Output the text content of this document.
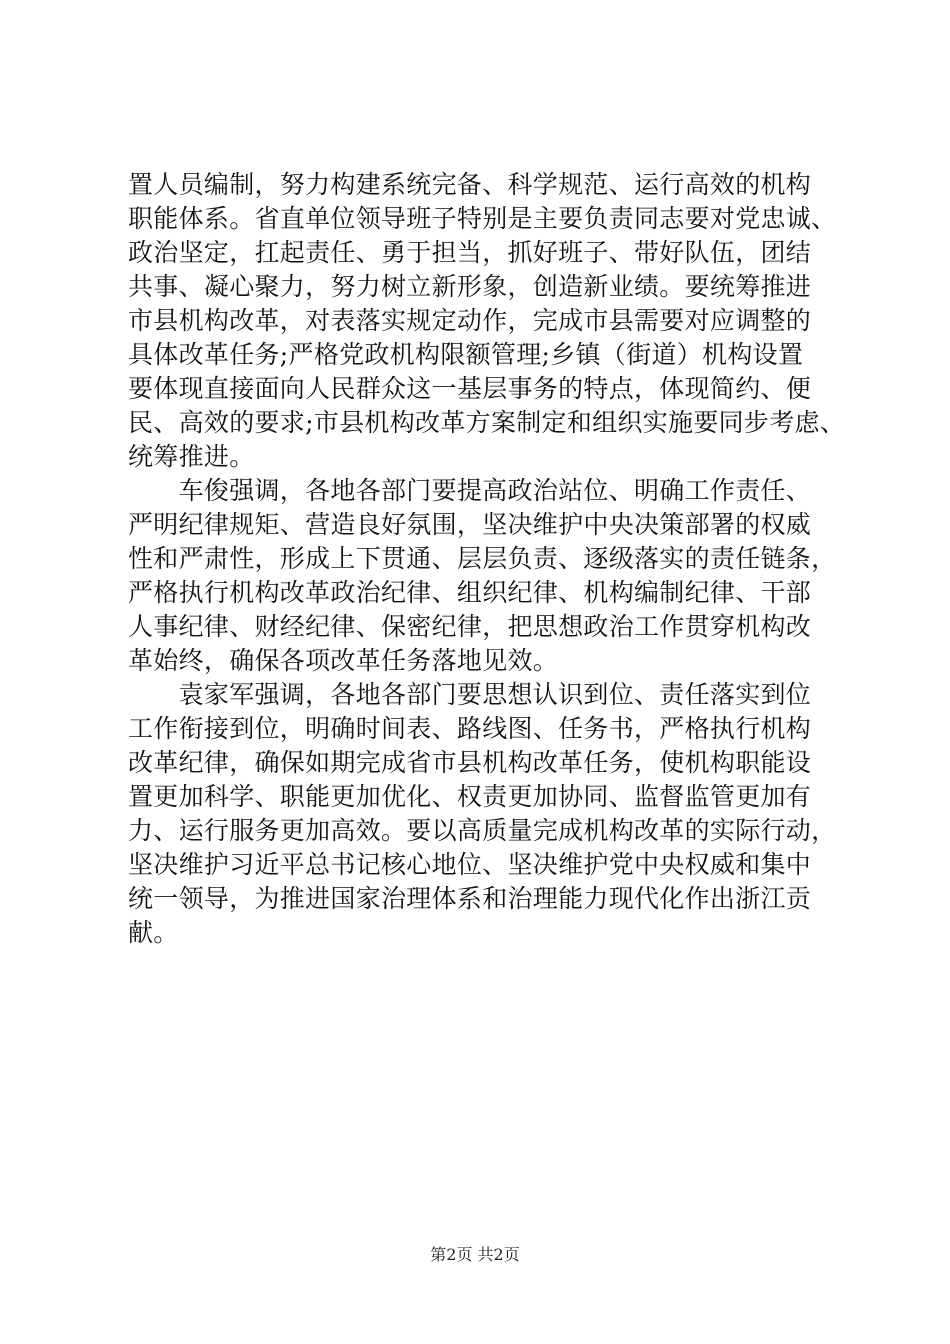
置人员编制，努力构建系统完备、科学规范、运行高效的机构
职能体系。省直单位领导班子特别是主要负责同志要对党忠诚、
政治坚定，扛起责任、勇于担当，抓好班子、带好队伍，团结
共事、凝心聚力，努力树立新形象，创造新业绩。要统筹推进
市县机构改革，对表落实规定动作，完成市县需要对应调整的
具体改革任务;严格党政机构限额管理;乡镇（街道）机构设置
要体现直接面向人民群众这一基层事务的特点，体现简约、便
民、高效的要求;市县机构改革方案制定和组织实施要同步考虑、
统筹推进。
　　车俊强调，各地各部门要提高政治站位、明确工作责任、
严明纪律规矩、营造良好氛围，坚决维护中央决策部署的权威
性和严肃性，形成上下贯通、层层负责、逐级落实的责任链条，
严格执行机构改革政治纪律、组织纪律、机构编制纪律、干部
人事纪律、财经纪律、保密纪律，把思想政治工作贯穿机构改
革始终，确保各项改革任务落地见效。
　　袁家军强调，各地各部门要思想认识到位、责任落实到位
工作衔接到位，明确时间表、路线图、任务书，严格执行机构
改革纪律，确保如期完成省市县机构改革任务，使机构职能设
置更加科学、职能更加优化、权责更加协同、监督监管更加有
力、运行服务更加高效。要以高质量完成机构改革的实际行动，
坚决维护习近平总书记核心地位、坚决维护党中央权威和集中
统一领导，为推进国家治理体系和治理能力现代化作出浙江贡
献。
第2页 共2页
